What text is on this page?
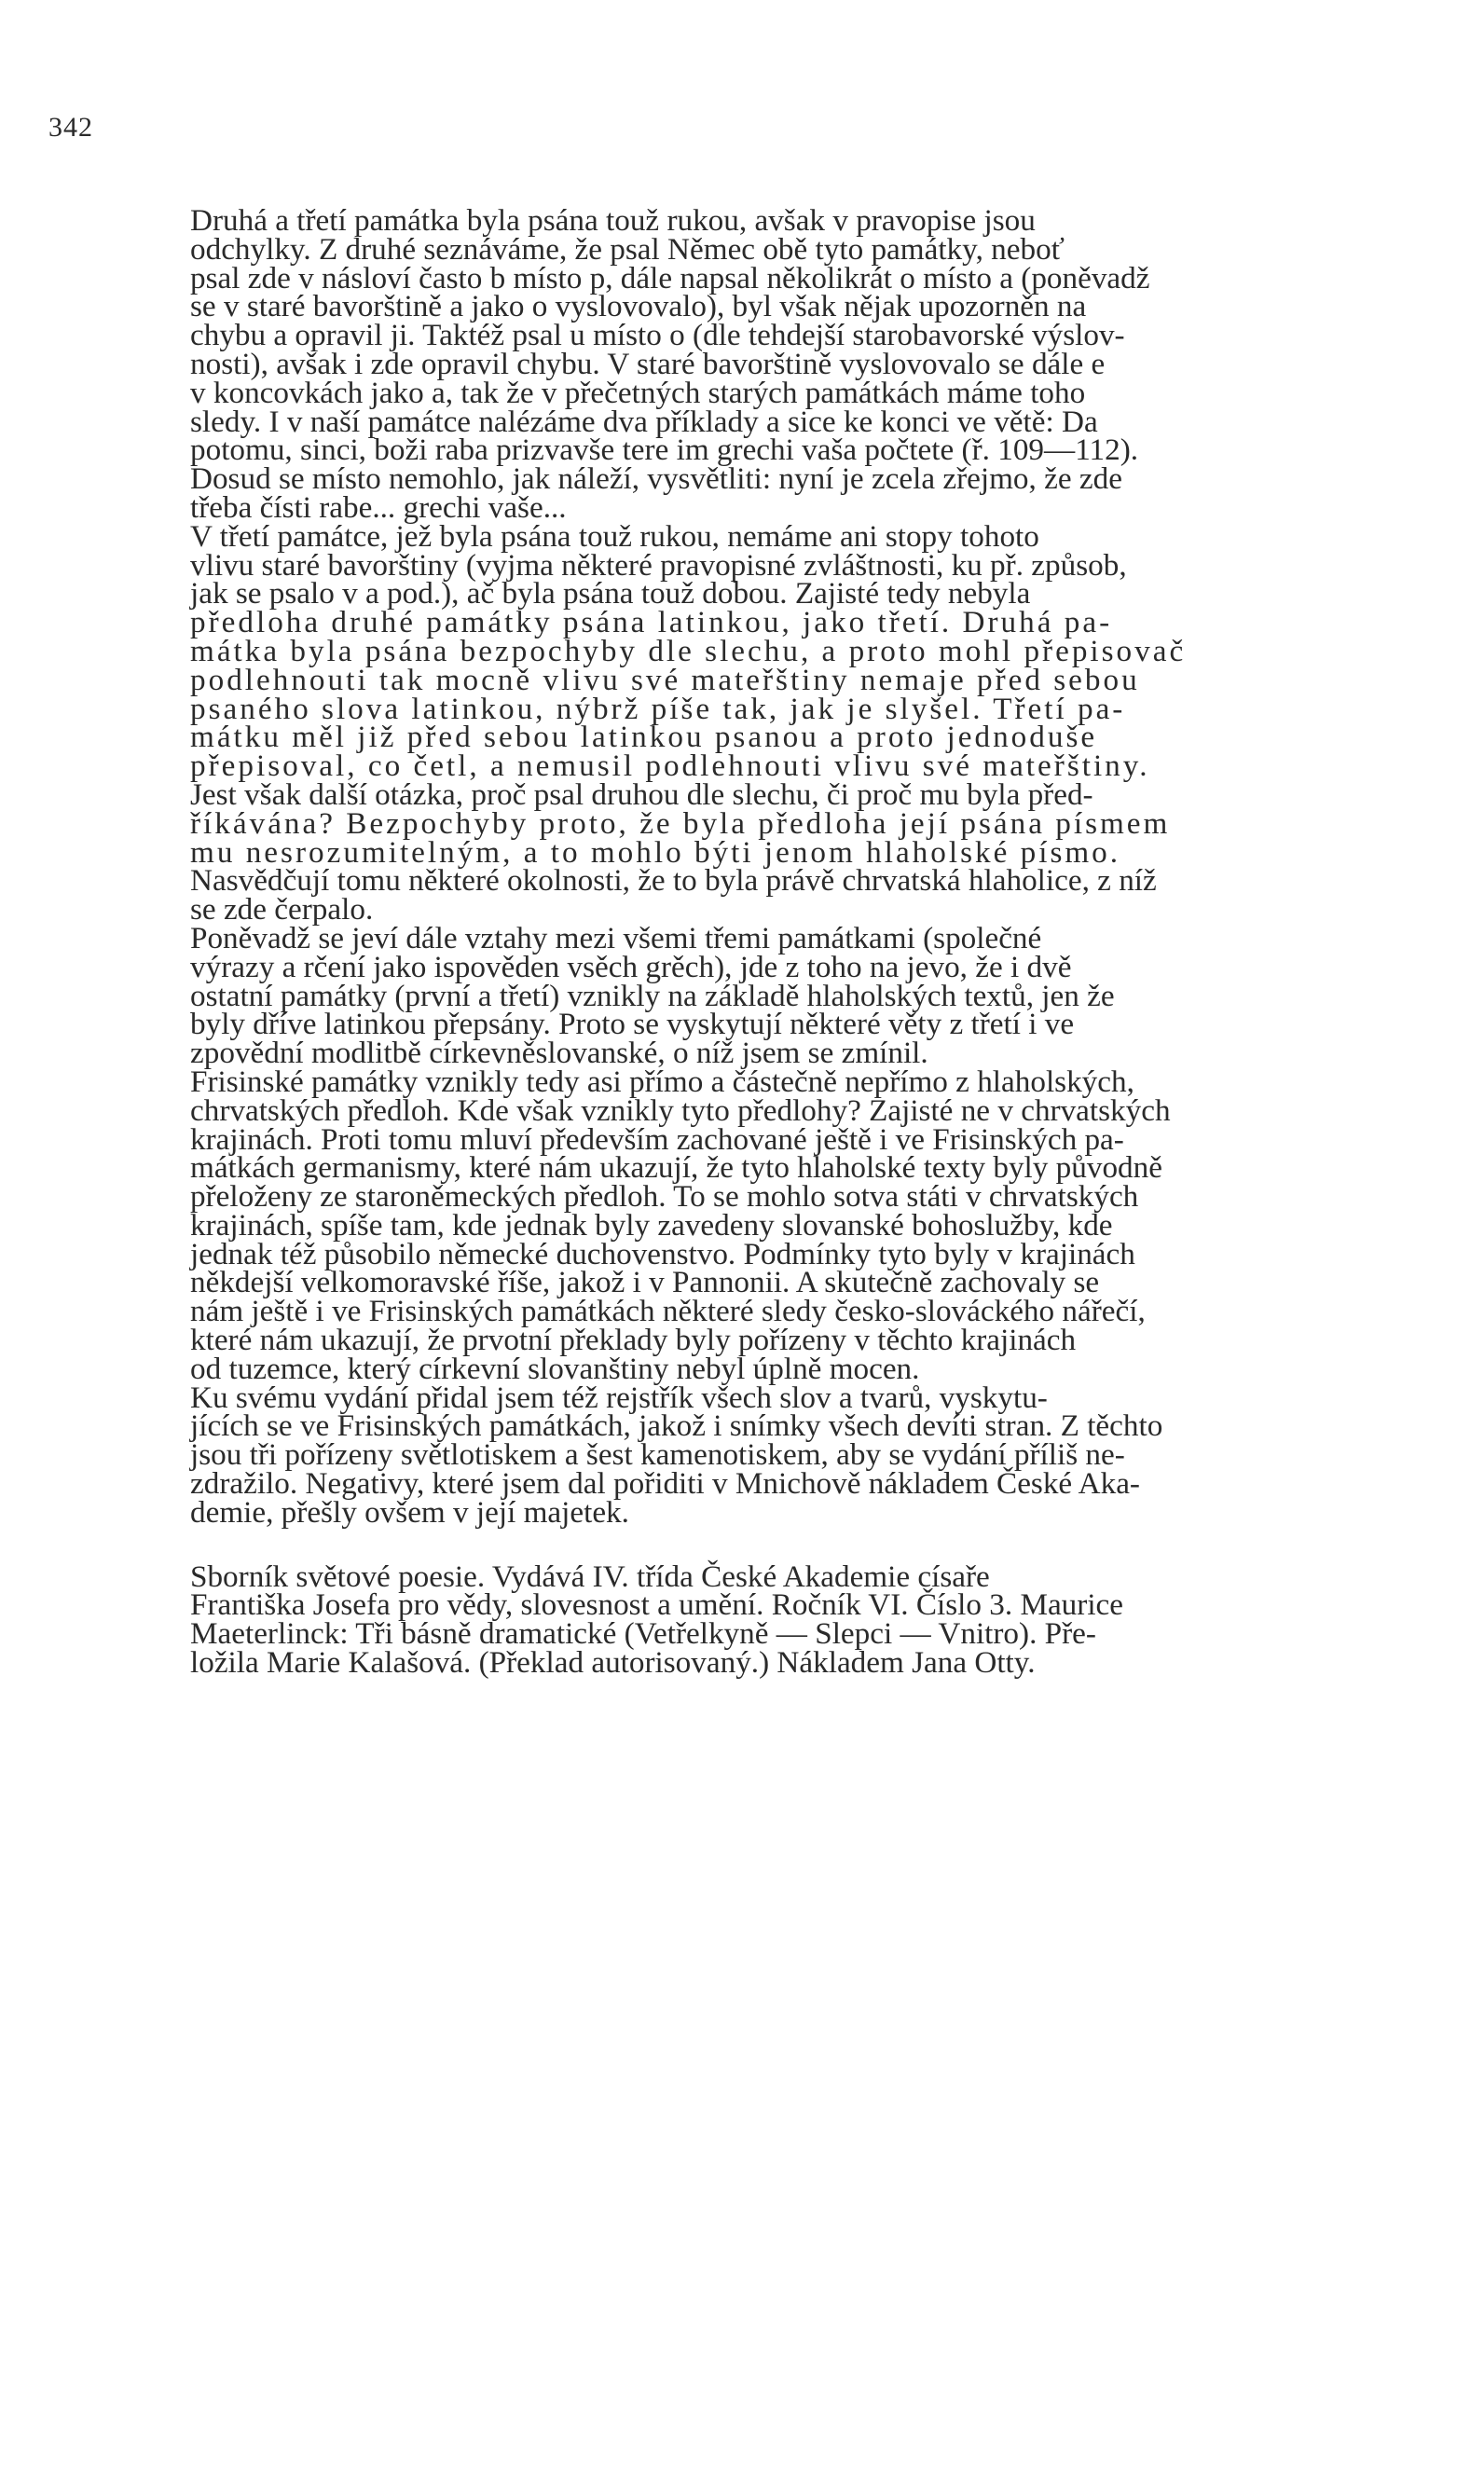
342

Druhá a třetí památka byla psána touž rukou, avšak v pravopise jsou
odchylky. Z druhé seznáváme, že psal Němec obě tyto památky, neboť
psal zde v násloví často b místo p, dále napsal několikrát o místo a (poněvadž
se v staré bavorštině a jako o vyslovovalo), byl však nějak upozorněn na
chybu a opravil ji. Taktéž psal u místo o (dle tehdejší starobavorské výslov-
nosti), avšak i zde opravil chybu. V staré bavorštině vyslovovalo se dále e
v koncovkách jako a, tak že v přečetných starých památkách máme toho
sledy. I v naší památce nalézáme dva příklady a sice ke konci ve větě: Da
potomu, sinci, boži raba prizvavše tere im grechi vaša počtete (ř. 109—112).
Dosud se místo nemohlo, jak náleží, vysvětliti: nyní je zcela zřejmo, že zde
třeba čísti rabe... grechi vaše...

V třetí památce, jež byla psána touž rukou, nemáme ani stopy tohoto
vlivu staré bavorštiny (vyjma některé pravopisné zvláštnosti, ku př. způsob,
jak se psalo v a pod.), ač byla psána touž dobou. Zajisté tedy nebyla
předloha druhé památky psána latinkou, jako třetí. Druhá pa-
mátka byla psána bezpochyby dle slechu, a proto mohl přepisovač
podlehnouti tak mocně vlivu své mateřštiny nemaje před sebou
psaného slova latinkou, nýbrž píše tak, jak je slyšel. Třetí pa-
mátku měl již před sebou latinkou psanou a proto jednoduše
přepisoval, co četl, a nemusil podlehnouti vlivu své mateřštiny.
Jest však další otázka, proč psal druhou dle slechu, či proč mu byla před-
říkávána? Bezpochyby proto, že byla předloha její psána písmem
mu nesrozumitelným, a to mohlo býti jenom hlaholské písmo.
Nasvědčují tomu některé okolnosti, že to byla právě chrvatská hlaholice, z níž
se zde čerpalo.

Poněvadž se jeví dále vztahy mezi všemi třemi památkami (společné
výrazy a rčení jako ispověden vsěch grěch), jde z toho na jevo, že i dvě
ostatní památky (první a třetí) vznikly na základě hlaholských textů, jen že
byly dříve latinkou přepsány. Proto se vyskytují některé věty z třetí i ve
zpovědní modlitbě církevněslovanské, o níž jsem se zmínil.

Frisinské památky vznikly tedy asi přímo a částečně nepřímo z hlaholských,
chrvatských předloh. Kde však vznikly tyto předlohy? Zajisté ne v chrvatských
krajinách. Proti tomu mluví především zachované ještě i ve Frisinských pa-
mátkách germanismy, které nám ukazují, že tyto hlaholské texty byly původně
přeloženy ze staroněmeckých předloh. To se mohlo sotva státi v chrvatských
krajinách, spíše tam, kde jednak byly zavedeny slovanské bohoslužby, kde
jednak též působilo německé duchovenstvo. Podmínky tyto byly v krajinách
někdejší velkomoravské říše, jakož i v Pannonii. A skutečně zachovaly se
nám ještě i ve Frisinských památkách některé sledy česko-slováckého nářečí,
které nám ukazují, že prvotní překlady byly pořízeny v těchto krajinách
od tuzemce, který církevní slovanštiny nebyl úplně mocen.

Ku svému vydání přidal jsem též rejstřík všech slov a tvarů, vyskytu-
jících se ve Frisinských památkách, jakož i snímky všech devíti stran. Z těchto
jsou tři pořízeny světlotiskem a šest kamenotiskem, aby se vydání příliš ne-
zdražilo. Negativy, které jsem dal pořiditi v Mnichově nákladem České Aka-
demie, přešly ovšem v její majetek.

Sborník světové poesie. Vydává IV. třída České Akademie císaře
Františka Josefa pro vědy, slovesnost a umění. Ročník VI. Číslo 3. Maurice
Maeterlinck: Tři básně dramatické (Vetřelkyně — Slepci — Vnitro). Pře-
ložila Marie Kalašová. (Překlad autorisovaný.) Nákladem Jana Otty.
